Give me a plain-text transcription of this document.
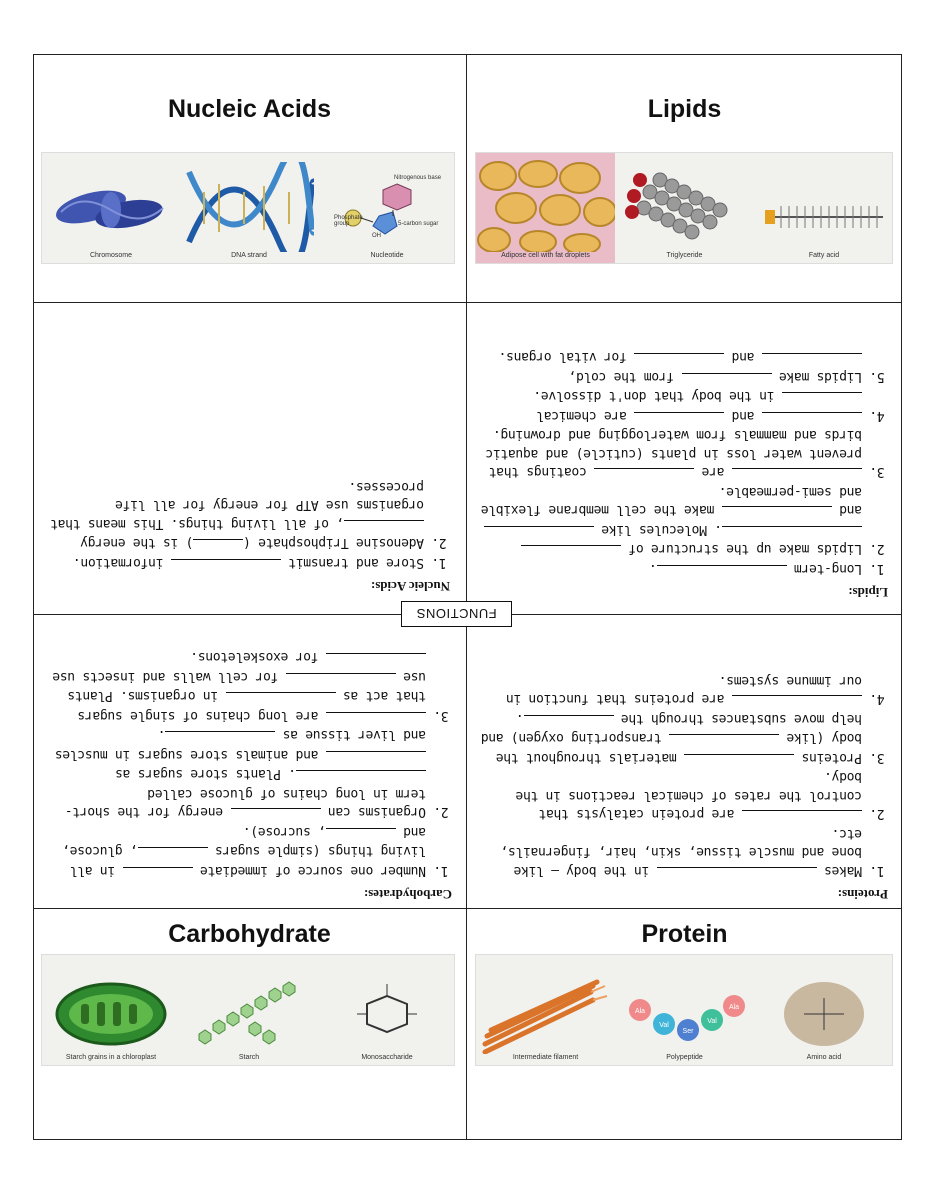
Nucleic Acids
Chromosome	DNA strand	Nucleotide
Nitrogenous base
Phosphate group	5-carbon sugar
OH
Lipids
Adipose cell with fat droplets	Triglyceride	Fatty acid
Nucleic Acids:
1. Store and transmit  information.
2. Adenosine Triphosphate () is the energy , of all living things. This means that organisms use ATP for energy for all life processes.
Lipids:
1. Long-term .
2. Lipids make up the structure of . Molecules like  and  make the cell membrane flexible and semi-permeable.
3. are  coatings that prevent water loss in plants (cuticle) and aquatic birds and mammals from waterlogging and drowning.
4. and  are chemical  in the body that don't dissolve.
5. Lipids make  from the cold,  and  for vital organs.
FUNCTIONS
Carbohydrates:
1. Number one source of immediate  in all living things (simple sugars , glucose, and , sucrose).
2. Organisms can  energy for the short-term in long chains of glucose called . Plants store sugars as  and animals store sugars in muscles and liver tissue as .
3. are long chains of single sugars that act as  in organisms. Plants use  for cell walls and insects use  for exoskeletons.
Proteins:
1. Makes  in the body – like bone and muscle tissue, skin, hair, fingernails, etc.
2. are protein catalysts that control the rates of chemical reactions in the body.
3. Proteins  materials throughout the body (like  transporting oxygen) and help move substances through the .
4. are proteins that function in our immune systems.
Carbohydrate
Starch grains in a chloroplast	Starch	Monosaccharide
Protein
Intermediate filament
Ala
Val
Ser
Val
Ala
Polypeptide	Amino acid
